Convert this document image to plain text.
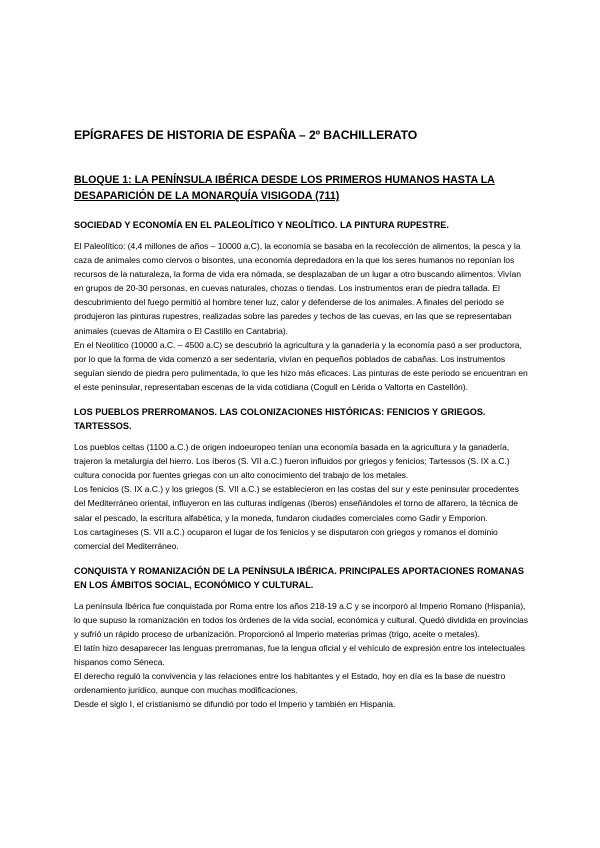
EPÍGRAFES DE HISTORIA DE ESPAÑA – 2º BACHILLERATO
BLOQUE 1: LA PENÍNSULA IBÉRICA DESDE LOS PRIMEROS HUMANOS HASTA LA DESAPARICIÓN DE LA MONARQUÍA VISIGODA (711)
SOCIEDAD Y ECONOMÍA EN EL PALEOLÍTICO Y NEOLÍTICO. LA PINTURA RUPESTRE.

El Paleolítico: (4,4 millones de años – 10000 a.C), la economía se basaba en la recolección de alimentos, la pesca y la caza de animales como ciervos o bisontes, una economía depredadora en la que los seres humanos no reponían los recursos de la naturaleza, la forma de vida era nómada, se desplazaban de un lugar a otro buscando alimentos. Vivían en grupos de 20-30 personas, en cuevas naturales, chozas o tiendas. Los instrumentos eran de piedra tallada. El descubrimiento del fuego permitió al hombre tener luz, calor y defenderse de los animales. A finales del periodo se produjeron las pinturas rupestres, realizadas sobre las paredes y techos de las cuevas, en las que se representaban animales (cuevas de Altamira o El Castillo en Cantabria).

En el Neolítico (10000 a.C. – 4500 a.C) se descubrió la agricultura y la ganadería y la economía pasó a ser productora, por lo que la forma de vida comenzó a ser sedentaria, vivían en pequeños poblados de cabañas. Los instrumentos seguían siendo de piedra pero pulimentada, lo que les hizo más eficaces. Las pinturas de este periodo se encuentran en el este peninsular, representaban escenas de la vida cotidiana (Cogull en Lérida o Valtorta en Castellón).

LOS PUEBLOS PRERROMANOS. LAS COLONIZACIONES HISTÓRICAS: FENICIOS Y GRIEGOS. TARTESSOS.

Los pueblos celtas (1100 a.C.) de origen indoeuropeo tenían una economía basada en la agricultura y la ganadería, trajeron la metalurgia del hierro. Los íberos (S. VII a.C.) fueron influidos por griegos y fenicios; Tartessos (S. IX a.C.) cultura conocida por fuentes griegas con un alto conocimiento del trabajo de los metales.

Los fenicios (S. IX a.C.) y los griegos (S. VII a.C.) se establecieron en las costas del sur y este peninsular procedentes del Mediterráneo oriental, influyeron en las culturas indígenas (íberos) enseñándoles el torno de alfarero, la técnica de salar el pescado, la escritura alfabética, y la moneda, fundaron ciudades comerciales como Gadir y Emporion.

Los cartagineses (S. VII a.C.) ocuparon el lugar de los fenicios y se disputaron con griegos y romanos el dominio comercial del Mediterráneo.

CONQUISTA Y ROMANIZACIÓN DE LA PENÍNSULA IBÉRICA. PRINCIPALES APORTACIONES ROMANAS EN LOS ÁMBITOS SOCIAL, ECONÓMICO Y CULTURAL.

La península Ibérica fue conquistada por Roma entre los años 218-19 a.C y se incorporó al Imperio Romano (Hispania), lo que supuso la romanización en todos los órdenes de la vida social, económica y cultural. Quedó dividida en provincias y sufrió un rápido proceso de urbanización. Proporcionó al Imperio materias primas (trigo, aceite o metales).

El latín hizo desaparecer las lenguas prerromanas, fue la lengua oficial y el vehículo de expresión entre los intelectuales hispanos como Séneca.

El derecho reguló la convivencia y las relaciones entre los habitantes y el Estado, hoy en día es la base de nuestro ordenamiento jurídico, aunque con muchas modificaciones.

Desde el siglo I, el cristianismo se difundió por todo el Imperio y también en Hispania.
